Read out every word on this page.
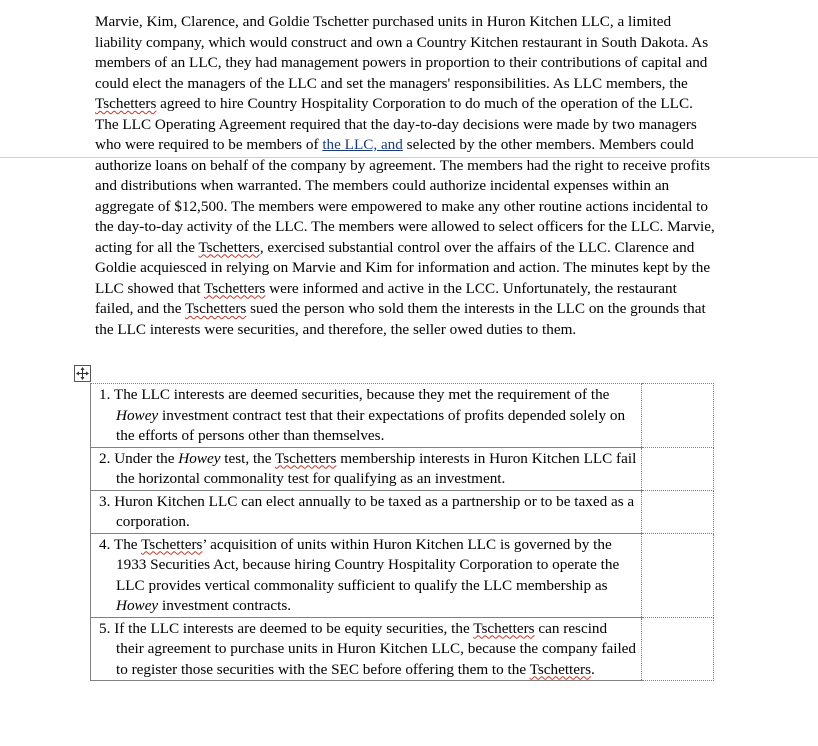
Marvie, Kim, Clarence, and Goldie Tschetter purchased units in Huron Kitchen LLC, a limited liability company, which would construct and own a Country Kitchen restaurant in South Dakota. As members of an LLC, they had management powers in proportion to their contributions of capital and could elect the managers of the LLC and set the managers' responsibilities. As LLC members, the Tschetters agreed to hire Country Hospitality Corporation to do much of the operation of the LLC. The LLC Operating Agreement required that the day-to-day decisions were made by two managers who were required to be members of the LLC, and selected by the other members. Members could authorize loans on behalf of the company by agreement. The members had the right to receive profits and distributions when warranted. The members could authorize incidental expenses within an aggregate of $12,500. The members were empowered to make any other routine actions incidental to the day-to-day activity of the LLC. The members were allowed to select officers for the LLC. Marvie, acting for all the Tschetters, exercised substantial control over the affairs of the LLC. Clarence and Goldie acquiesced in relying on Marvie and Kim for information and action. The minutes kept by the LLC showed that Tschetters were informed and active in the LCC. Unfortunately, the restaurant failed, and the Tschetters sued the person who sold them the interests in the LLC on the grounds that the LLC interests were securities, and therefore, the seller owed duties to them.

1. The LLC interests are deemed securities, because they met the requirement of the Howey investment contract test that their expectations of profits depended solely on the efforts of persons other than themselves.	

2. Under the Howey test, the Tschetters membership interests in Huron Kitchen LLC fail the horizontal commonality test for qualifying as an investment.	

3. Huron Kitchen LLC can elect annually to be taxed as a partnership or to be taxed as a corporation.	

4. The Tschetters’ acquisition of units within Huron Kitchen LLC is governed by the 1933 Securities Act, because hiring Country Hospitality Corporation to operate the LLC provides vertical commonality sufficient to qualify the LLC membership as Howey investment contracts.	

5. If the LLC interests are deemed to be equity securities, the Tschetters can rescind their agreement to purchase units in Huron Kitchen LLC, because the company failed to register those securities with the SEC before offering them to the Tschetters.	
